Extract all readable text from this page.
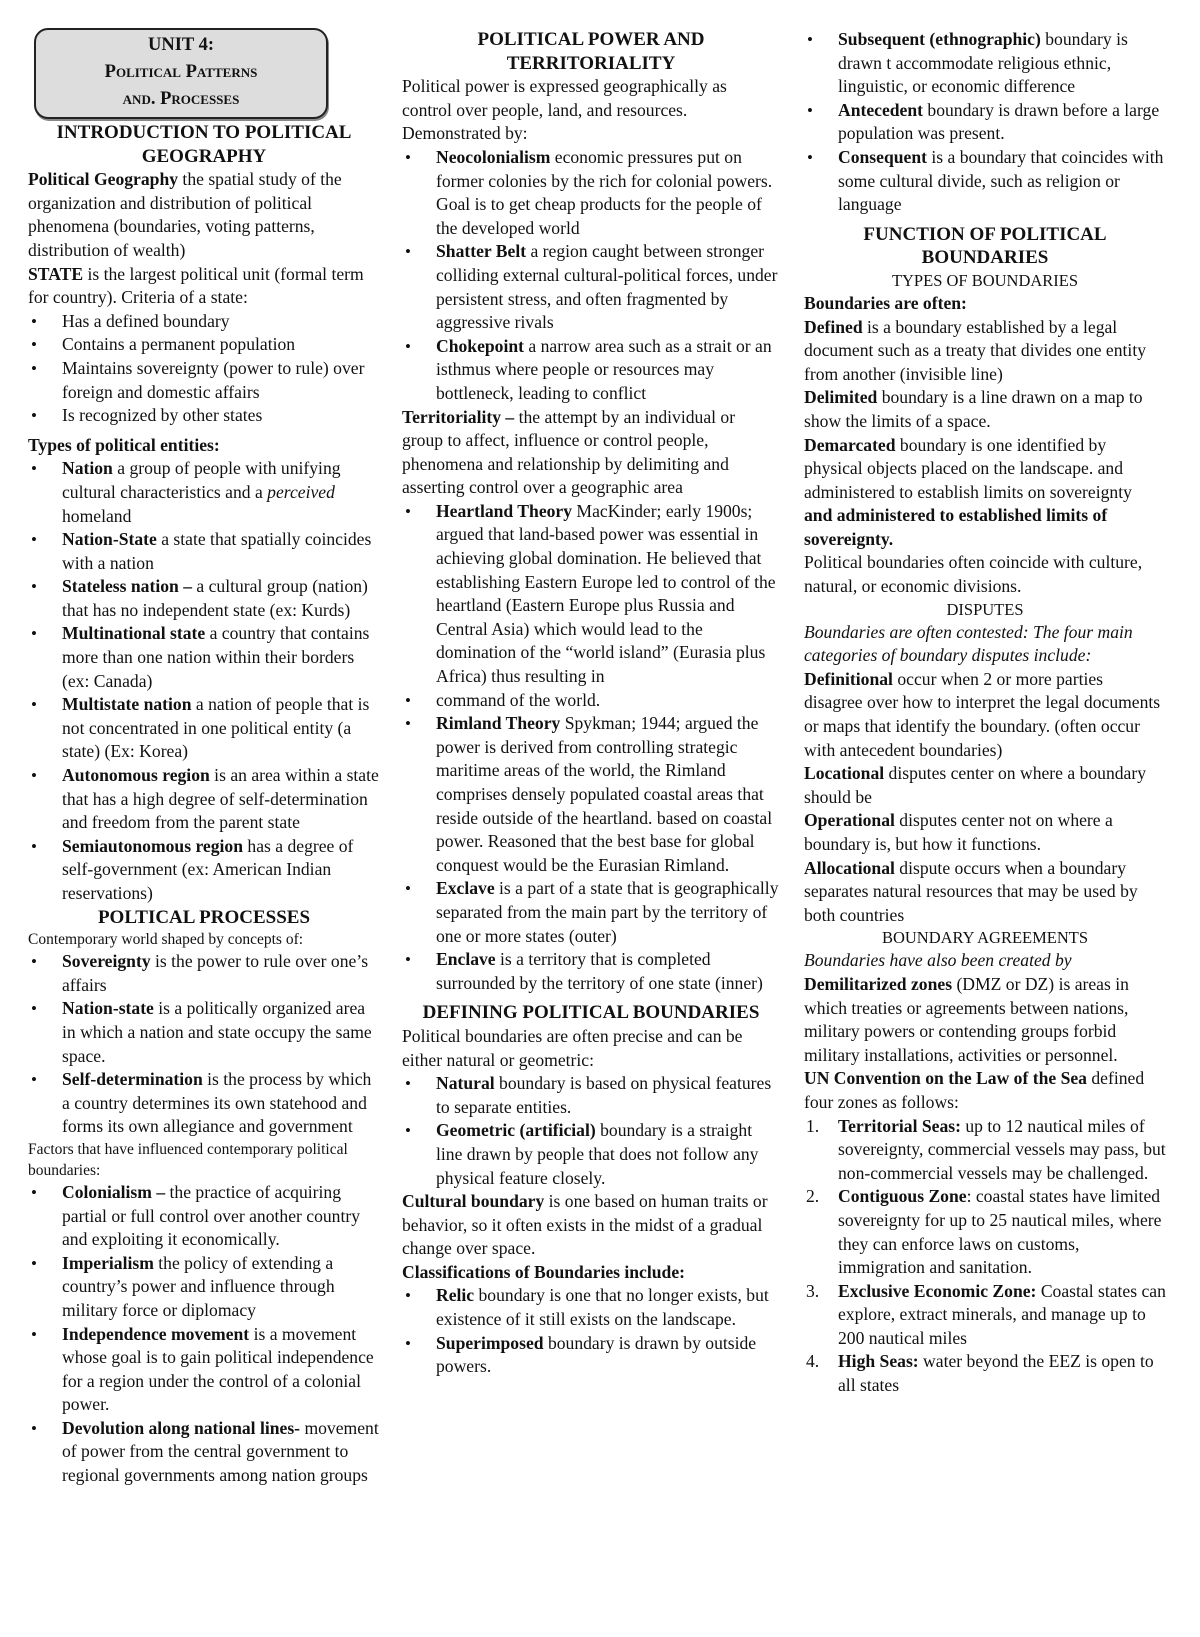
UNIT 4:
Political Patterns
and. Processes
INTRODUCTION TO POLITICAL GEOGRAPHY

Political Geography the spatial study of the organization and distribution of political phenomena (boundaries, voting patterns, distribution of wealth)

STATE is the largest political unit (formal term for country). Criteria of a state:

• Has a defined boundary
• Contains a permanent population
• Maintains sovereignty (power to rule) over foreign and domestic affairs
• Is recognized by other states

Types of political entities:

• Nation a group of people with unifying cultural characteristics and a perceived homeland
• Nation-State a state that spatially coincides with a nation
• Stateless nation – a cultural group (nation) that has no independent state (ex: Kurds)
• Multinational state a country that contains more than one nation within their borders (ex: Canada)
• Multistate nation a nation of people that is not concentrated in one political entity (a state) (Ex: Korea)
• Autonomous region is an area within a state that has a high degree of self-determination and freedom from the parent state
• Semiautonomous region has a degree of self-government (ex: American Indian reservations)
POLTICAL PROCESSES

Contemporary world shaped by concepts of:

• Sovereignty is the power to rule over one’s affairs
• Nation-state is a politically organized area in which a nation and state occupy the same space.
• Self-determination is the process by which a country determines its own statehood and forms its own allegiance and government

Factors that have influenced contemporary political boundaries:

• Colonialism – the practice of acquiring partial or full control over another country and exploiting it economically.
• Imperialism the policy of extending a country’s power and influence through military force or diplomacy
• Independence movement is a movement whose goal is to gain political independence for a region under the control of a colonial power.
• Devolution along national lines- movement of power from the central government to regional governments among nation groups
POLITICAL POWER AND TERRITORIALITY

Political power is expressed geographically as control over people, land, and resources. Demonstrated by:

• Neocolonialism economic pressures put on former colonies by the rich for colonial powers. Goal is to get cheap products for the people of the developed world
• Shatter Belt a region caught between stronger colliding external cultural-political forces, under persistent stress, and often fragmented by aggressive rivals
• Chokepoint a narrow area such as a strait or an isthmus where people or resources may bottleneck, leading to conflict

Territoriality – the attempt by an individual or group to affect, influence or control people, phenomena and relationship by delimiting and asserting control over a geographic area

• Heartland Theory MacKinder; early 1900s; argued that land-based power was essential in achieving global domination. He believed that establishing Eastern Europe led to control of the heartland (Eastern Europe plus Russia and Central Asia) which would lead to the domination of the “world island” (Eurasia plus Africa) thus resulting in
• command of the world.
• Rimland Theory Spykman; 1944; argued the power is derived from controlling strategic maritime areas of the world, the Rimland comprises densely populated coastal areas that reside outside of the heartland. based on coastal power. Reasoned that the best base for global conquest would be the Eurasian Rimland.
• Exclave is a part of a state that is geographically separated from the main part by the territory of one or more states (outer)
• Enclave is a territory that is completed surrounded by the territory of one state (inner)
DEFINING POLITICAL BOUNDARIES

Political boundaries are often precise and can be either natural or geometric:

• Natural boundary is based on physical features to separate entities.
• Geometric (artificial) boundary is a straight line drawn by people that does not follow any physical feature closely.

Cultural boundary is one based on human traits or behavior, so it often exists in the midst of a gradual change over space.

Classifications of Boundaries include:

• Relic boundary is one that no longer exists, but existence of it still exists on the landscape.
• Superimposed boundary is drawn by outside powers.
• Subsequent (ethnographic) boundary is drawn t accommodate religious ethnic, linguistic, or economic difference
• Antecedent boundary is drawn before a large population was present.
• Consequent is a boundary that coincides with some cultural divide, such as religion or language
FUNCTION OF POLITICAL BOUNDARIES
TYPES OF BOUNDARIES

Boundaries are often:

Defined is a boundary established by a legal document such as a treaty that divides one entity from another (invisible line)

Delimited boundary is a line drawn on a map to show the limits of a space.

Demarcated boundary is one identified by physical objects placed on the landscape. and administered to establish limits on sovereignty

and administered to established limits of sovereignty.

Political boundaries often coincide with culture, natural, or economic divisions.

DISPUTES

Boundaries are often contested: The four main categories of boundary disputes include:

Definitional occur when 2 or more parties disagree over how to interpret the legal documents or maps that identify the boundary. (often occur with antecedent boundaries)

Locational disputes center on where a boundary should be

Operational disputes center not on where a boundary is, but how it functions.

Allocational dispute occurs when a boundary separates natural resources that may be used by both countries

BOUNDARY AGREEMENTS

Boundaries have also been created by

Demilitarized zones (DMZ or DZ) is areas in which treaties or agreements between nations, military powers or contending groups forbid military installations, activities or personnel.

UN Convention on the Law of the Sea defined four zones as follows:

1. Territorial Seas: up to 12 nautical miles of sovereignty, commercial vessels may pass, but non-commercial vessels may be challenged.
2. Contiguous Zone: coastal states have limited sovereignty for up to 25 nautical miles, where they can enforce laws on customs, immigration and sanitation.
3. Exclusive Economic Zone: Coastal states can explore, extract minerals, and manage up to 200 nautical miles
4. High Seas: water beyond the EEZ is open to all states
